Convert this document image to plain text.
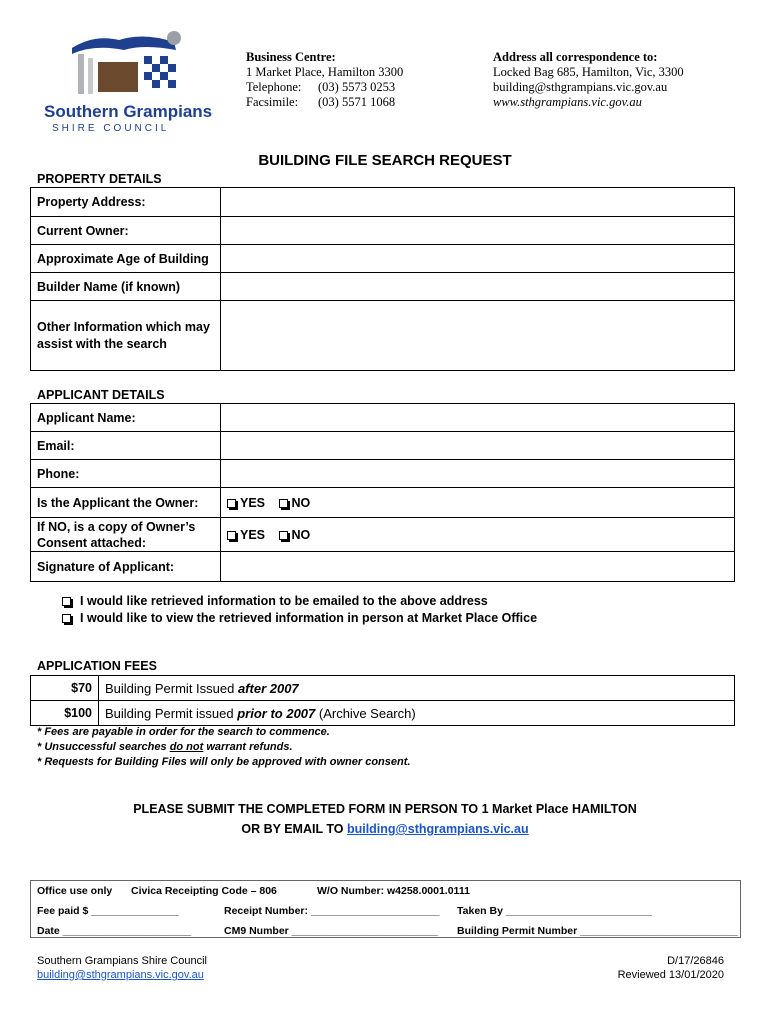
Southern Grampians
SHIRE COUNCIL
Business Centre:
1 Market Place, Hamilton 3300
Telephone: (03) 5573 0253
Facsimile: (03) 5571 1068
Address all correspondence to:
Locked Bag 685, Hamilton, Vic, 3300
building@sthgrampians.vic.gov.au
www.sthgrampians.vic.gov.au
BUILDING FILE SEARCH REQUEST
PROPERTY DETAILS
Property Address:	
Current Owner:	
Approximate Age of Building	
Builder Name (if known)	
Other Information which may assist with the search	
APPLICANT DETAILS
Applicant Name:	
Email:	
Phone:	
Is the Applicant the Owner:	YES NO
If NO, is a copy of Owner’s Consent attached:	YES NO
Signature of Applicant:	
I would like retrieved information to be emailed to the above address
I would like to view the retrieved information in person at Market Place Office
APPLICATION FEES
$70	Building Permit Issued after 2007
$100	Building Permit issued prior to 2007 (Archive Search)
* Fees are payable in order for the search to commence.
* Unsuccessful searches do not warrant refunds.
* Requests for Building Files will only be approved with owner consent.
PLEASE SUBMIT THE COMPLETED FORM IN PERSON TO 1 Market Place HAMILTON
OR BY EMAIL TO building@sthgrampians.vic.au
Office use only Civica Receipting Code – 806	W/O Number: w4258.0001.0111
Fee paid $ _______________	Receipt Number: ______________________ Taken By _________________________
Date ______________________	CM9 Number _________________________ Building Permit Number ___________________________
Southern Grampians Shire Council
building@sthgrampians.vic.gov.au
D/17/26846
Reviewed 13/01/2020
